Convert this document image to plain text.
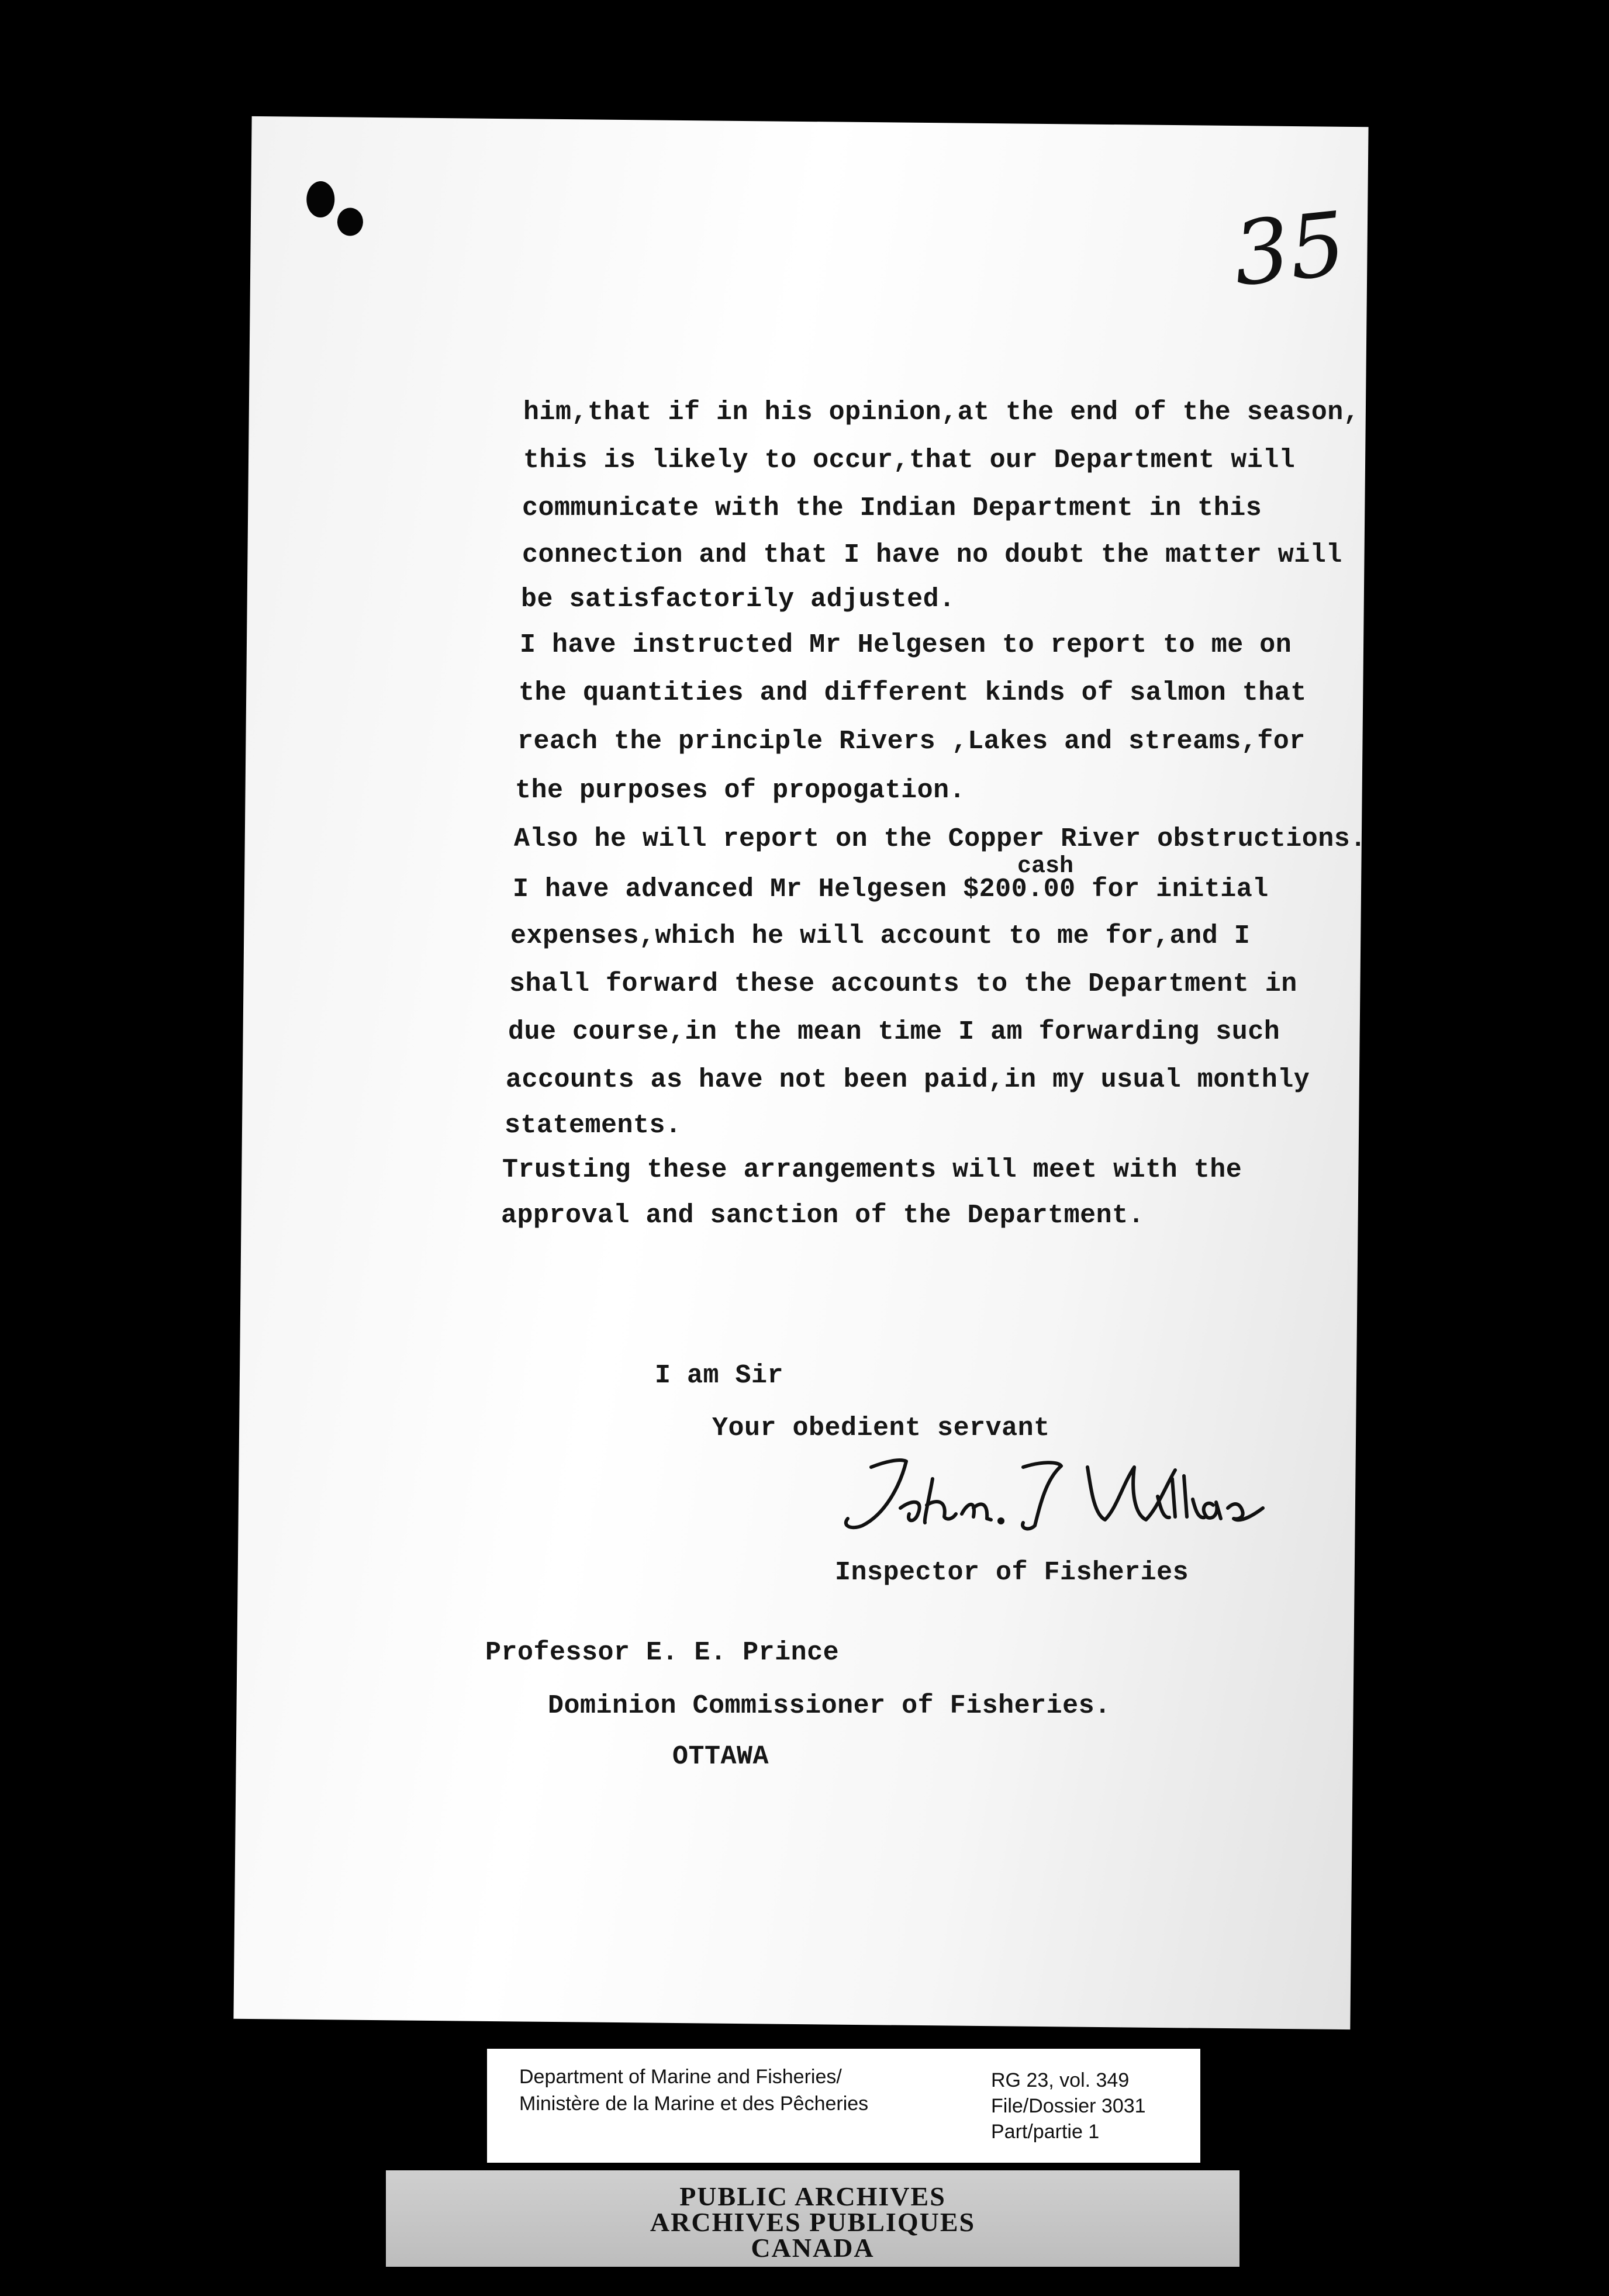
35
him,that if in his opinion,at the end of the season,
this is likely to occur,that our Department will
communicate with the Indian Department in this
connection and that I have no doubt the matter will
be satisfactorily adjusted.
I have instructed Mr Helgesen to report to me on
the quantities and different kinds of salmon that
reach the principle Rivers ,Lakes and streams,for
the purposes of propogation.
Also he will report on the Copper River obstructions.
cash
I have advanced Mr Helgesen $200.00 for initial
expenses,which he will account to me for,and I
shall forward these accounts to the Department in
due course,in the mean time I am forwarding such
accounts as have not been paid,in my usual monthly
statements.
Trusting these arrangements will meet with the
approval and sanction of the Department.
I am Sir
Your obedient servant
Inspector of Fisheries
Professor E. E. Prince
Dominion Commissioner of Fisheries.
OTTAWA
Department of Marine and Fisheries/
Ministère de la Marine et des Pêcheries
RG 23, vol. 349
File/Dossier 3031
Part/partie 1
PUBLIC ARCHIVES
ARCHIVES PUBLIQUES
CANADA
